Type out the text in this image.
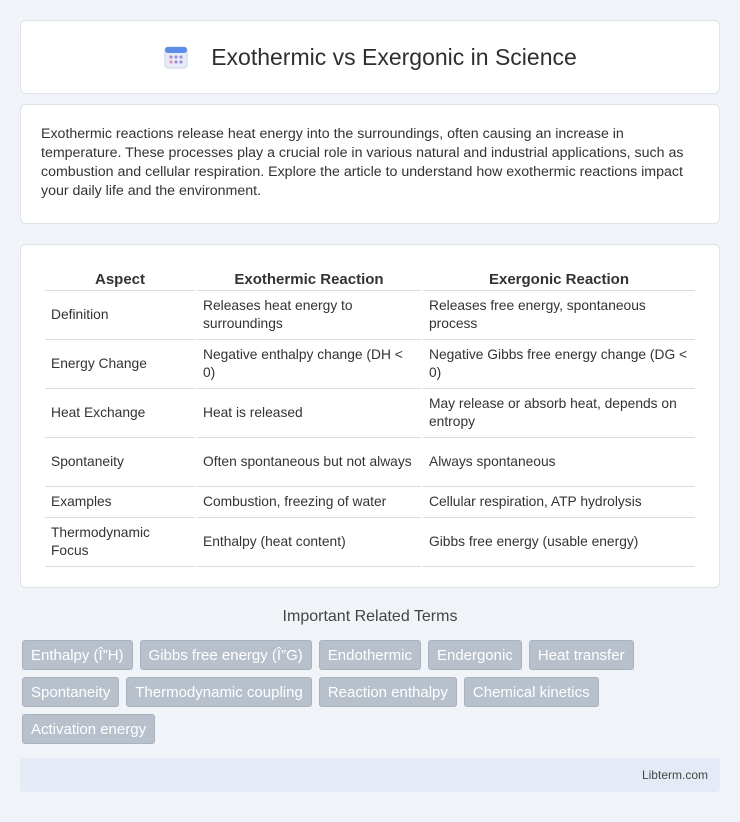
Exothermic vs Exergonic in Science

Exothermic reactions release heat energy into the surroundings, often causing an increase in temperature. These processes play a crucial role in various natural and industrial applications, such as combustion and cellular respiration. Explore the article to understand how exothermic reactions impact your daily life and the environment.

Aspect	Exothermic Reaction	Exergonic Reaction
Definition	Releases heat energy to surroundings	Releases free energy, spontaneous process
Energy Change	Negative enthalpy change (DH < 0)	Negative Gibbs free energy change (DG < 0)
Heat Exchange	Heat is released	May release or absorb heat, depends on entropy
Spontaneity	Often spontaneous but not always	Always spontaneous
Examples	Combustion, freezing of water	Cellular respiration, ATP hydrolysis
Thermodynamic Focus	Enthalpy (heat content)	Gibbs free energy (usable energy)
Important Related Terms
Enthalpy (Î”H)	Gibbs free energy (Î”G)	Endothermic	Endergonic	Heat transfer
Spontaneity	Thermodynamic coupling	Reaction enthalpy	Chemical kinetics
Activation energy
Libterm.com
